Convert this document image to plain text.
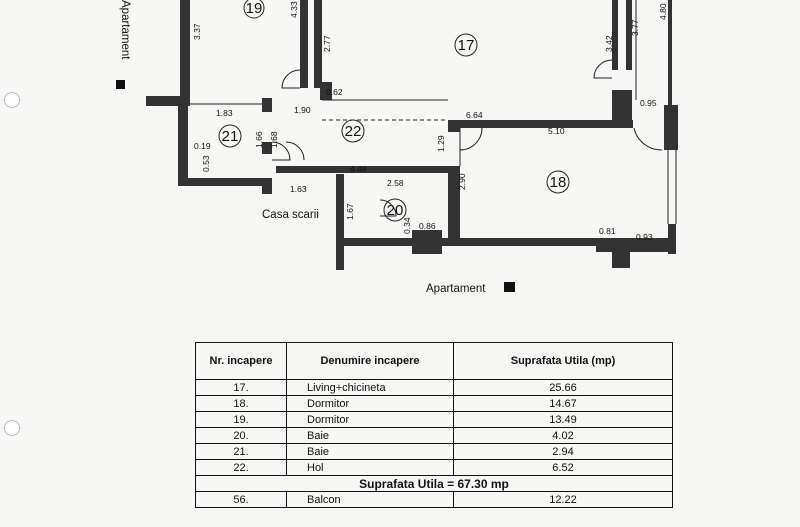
19
17
21	22
20
18
3.37
4.33
2.77
0.62
1.83	1.90
1.66 1.68
6.64
5.10
0.19
0.53
1.29
4.48
2.58
1.63
1.67
0.34 0.86
2.90
0.81
0.93
3.42
3.77
4.80
0.95
Apartament
Casa scarii
Apartament
Nr. incapere	Denumire incapere	Suprafata Utila (mp)
17.	Living+chicineta	25.66
18.	Dormitor	14.67
19.	Dormitor	13.49
20.	Baie	4.02
21.	Baie	2.94
22.	Hol	6.52
Suprafata Utila = 67.30 mp		
56.	Balcon	12.22
